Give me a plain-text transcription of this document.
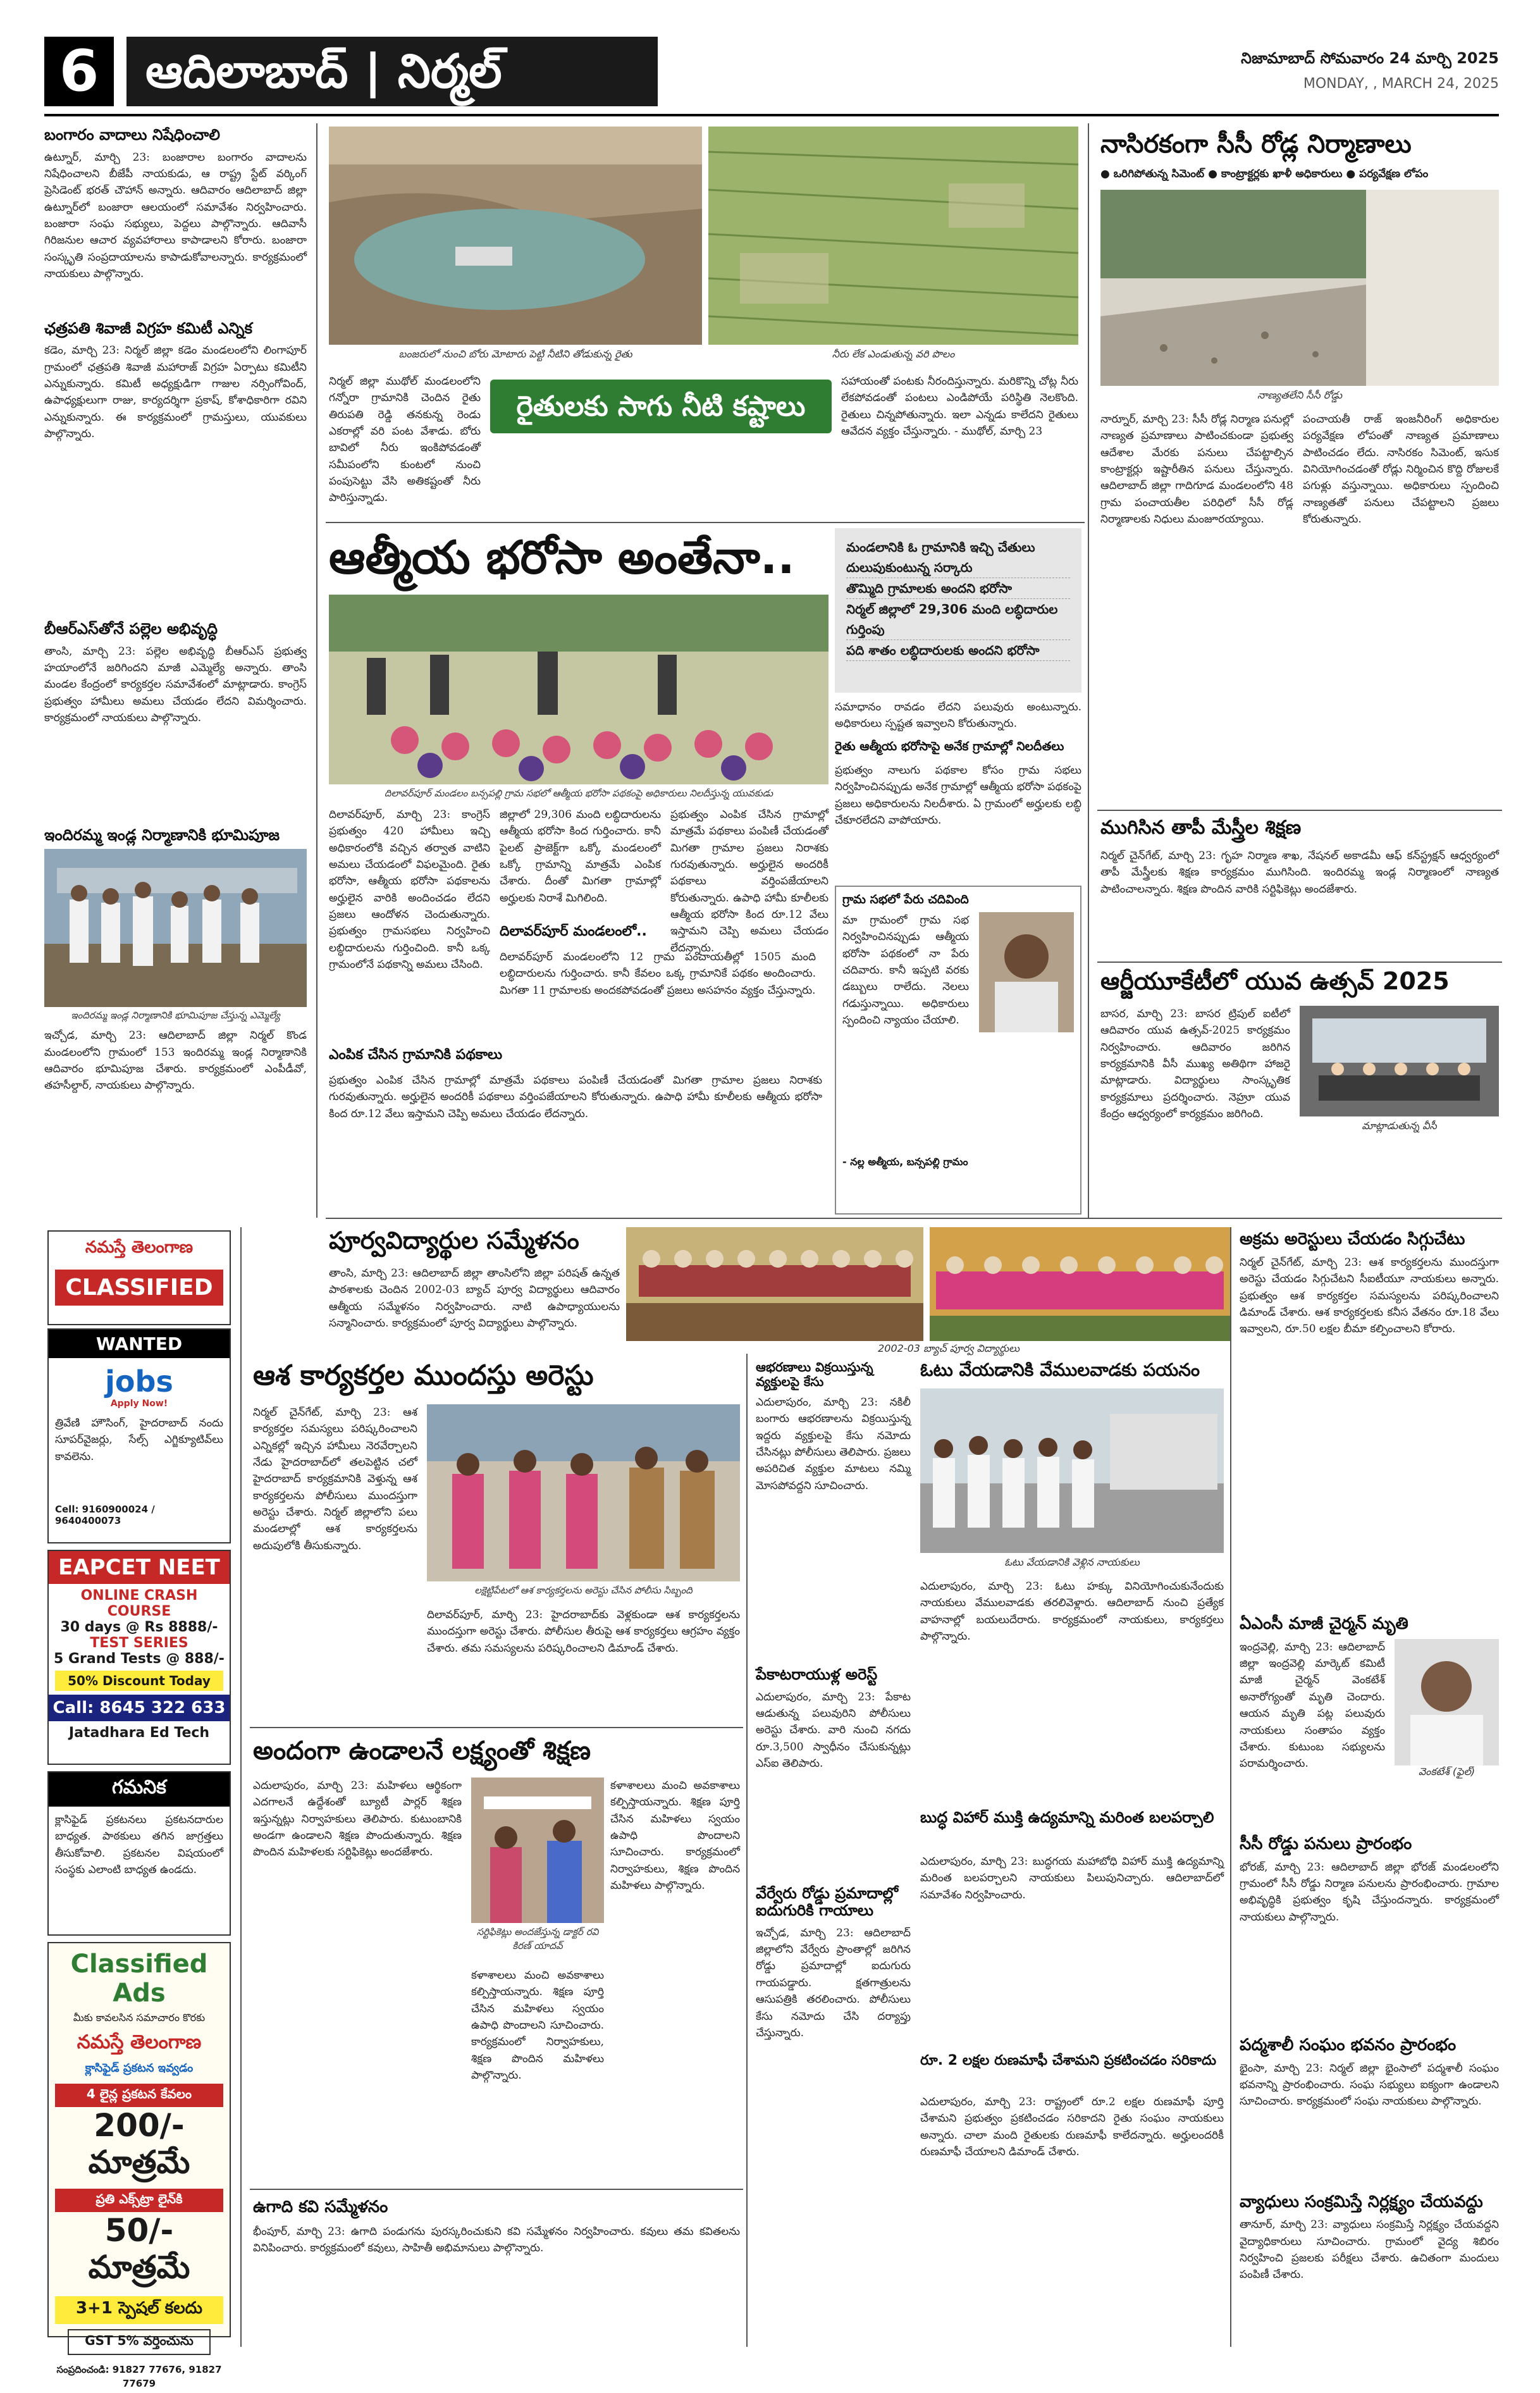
6 ఆదిలాబాద్ | నిర్మల్	నిజామాబాద్ సోమవారం 24 మార్చి 2025
MONDAY, , MARCH 24, 2025
బంగారం వాదాలు నిషేధించాలి
ఉట్నూర్, మార్చి 23: బంజారాల బంగారం వాదాలను నిషేధించాలని బీజేపీ నాయకుడు, ఆ రాష్ట్ర స్టేట్ వర్కింగ్ ప్రెసిడెంట్ భరత్ చౌహాన్ అన్నారు. ఆదివారం ఆదిలాబాద్ జిల్లా ఉట్నూర్‌లో బంజారా ఆలయంలో సమావేశం నిర్వహించారు. బంజారా సంఘ సభ్యులు, పెద్దలు పాల్గొన్నారు. ఆదివాసీ గిరిజనుల ఆచార వ్యవహారాలు కాపాడాలని కోరారు. బంజారా సంస్కృతి సంప్రదాయాలను కాపాడుకోవాలన్నారు. కార్యక్రమంలో నాయకులు పాల్గొన్నారు.
ఛత్రపతి శివాజీ విగ్రహ కమిటీ ఎన్నిక
కడెం, మార్చి 23: నిర్మల్ జిల్లా కడెం మండలంలోని లింగాపూర్ గ్రామంలో ఛత్రపతి శివాజీ మహారాజ్ విగ్రహ ఏర్పాటు కమిటీని ఎన్నుకున్నారు. కమిటీ అధ్యక్షుడిగా గాజుల నర్సింగోవింద్, ఉపాధ్యక్షులుగా రాజు, కార్యదర్శిగా ప్రకాష్, కోశాధికారిగా రవిని ఎన్నుకున్నారు. ఈ కార్యక్రమంలో గ్రామస్తులు, యువకులు పాల్గొన్నారు.
బీఆర్ఎస్‌తోనే పల్లెల అభివృద్ధి
తాంసి, మార్చి 23: పల్లెల అభివృద్ధి బీఆర్ఎస్ ప్రభుత్వ హయాంలోనే జరిగిందని మాజీ ఎమ్మెల్యే అన్నారు. తాంసి మండల కేంద్రంలో కార్యకర్తల సమావేశంలో మాట్లాడారు. కాంగ్రెస్ ప్రభుత్వం హామీలు అమలు చేయడం లేదని విమర్శించారు. కార్యక్రమంలో నాయకులు పాల్గొన్నారు.
ఇందిరమ్మ ఇండ్ల నిర్మాణానికి భూమిపూజ
ఇందిరమ్మ ఇండ్ల నిర్మాణానికి భూమిపూజ చేస్తున్న ఎమ్మెల్యే
ఇచ్చోడ, మార్చి 23: ఆదిలాబాద్ జిల్లా నిర్మల్ కొండ మండలంలోని గ్రామంలో 153 ఇందిరమ్మ ఇండ్ల నిర్మాణానికి ఆదివారం భూమిపూజ చేశారు. కార్యక్రమంలో ఎంపీడీవో, తహసీల్దార్, నాయకులు పాల్గొన్నారు.
బంజరులో నుంచి బోరు మోటారు పెట్టి నీటిని తోడుకున్న రైతు	నీరు లేక ఎండుతున్న వరి పొలం
నిర్మల్ జిల్లా ముథోల్ మండలంలోని గన్నోరా గ్రామానికి చెందిన రైతు తిరుపతి రెడ్డి తనకున్న రెండు ఎకరాల్లో వరి పంట వేశాడు. బోరు బావిలో నీరు ఇంకిపోవడంతో సమీపంలోని కుంటలో నుంచి పంపుసెట్టు వేసి అతికష్టంతో నీరు పారిస్తున్నాడు.
రైతులకు సాగు నీటి కష్టాలు
సహాయంతో పంటకు నీరందిస్తున్నారు. మరికొన్ని చోట్ల నీరు లేకపోవడంతో పంటలు ఎండిపోయే పరిస్థితి నెలకొంది. రైతులు చిన్నపోతున్నారు. ఇలా ఎన్నడు కాలేదని రైతులు ఆవేదన వ్యక్తం చేస్తున్నారు. - ముథోల్, మార్చి 23
ఆత్మీయ భరోసా అంతేనా..	మండలానికి ఓ గ్రామానికి ఇచ్చి చేతులు దులుపుకుంటున్న సర్కారు
తొమ్మిది గ్రామాలకు అందని భరోసా
నిర్మల్ జిల్లాలో 29,306 మంది లబ్ధిదారుల గుర్తింపు
పది శాతం లబ్ధిదారులకు అందని భరోసా
దిలావర్‌పూర్ మండలం బన్సపల్లి గ్రామ సభలో ఆత్మీయ భరోసా పథకంపై అధికారులు నిలదీస్తున్న యువకుడు
దిలావర్‌పూర్, మార్చి 23: కాంగ్రెస్ ప్రభుత్వం 420 హామీలు ఇచ్చి అధికారంలోకి వచ్చిన తర్వాత వాటిని అమలు చేయడంలో విఫలమైంది. రైతు భరోసా, ఆత్మీయ భరోసా పథకాలను అర్హులైన వారికి అందించడం లేదని ప్రజలు ఆందోళన చెందుతున్నారు. ప్రభుత్వం గ్రామసభలు నిర్వహించి లబ్ధిదారులను గుర్తించింది. కానీ ఒక్క గ్రామంలోనే పథకాన్ని అమలు చేసింది.
జిల్లాలో 29,306 మంది లబ్ధిదారులను ఆత్మీయ భరోసా కింద గుర్తించారు. కానీ పైలట్ ప్రాజెక్ట్‌గా ఒక్కో మండలంలో ఒక్కో గ్రామాన్ని మాత్రమే ఎంపిక చేశారు. దీంతో మిగతా గ్రామాల్లో అర్హులకు నిరాశే మిగిలింది.
దిలావర్‌పూర్ మండలంలో..
దిలావర్‌పూర్ మండలంలోని 12 గ్రామ పంచాయతీల్లో 1505 మంది లబ్ధిదారులను గుర్తించారు. కానీ కేవలం ఒక్క గ్రామానికే పథకం అందించారు. మిగతా 11 గ్రామాలకు అందకపోవడంతో ప్రజలు అసహనం వ్యక్తం చేస్తున్నారు.
ప్రభుత్వం ఎంపిక చేసిన గ్రామాల్లో మాత్రమే పథకాలు పంపిణీ చేయడంతో మిగతా గ్రామాల ప్రజలు నిరాశకు గురవుతున్నారు. అర్హులైన అందరికీ పథకాలు వర్తింపజేయాలని కోరుతున్నారు. ఉపాధి హామీ కూలీలకు ఆత్మీయ భరోసా కింద రూ.12 వేలు ఇస్తామని చెప్పి అమలు చేయడం లేదన్నారు.
ఎంపిక చేసిన గ్రామానికి పథకాలు
ప్రభుత్వం ఎంపిక చేసిన గ్రామాల్లో మాత్రమే పథకాలు పంపిణీ చేయడంతో మిగతా గ్రామాల ప్రజలు నిరాశకు గురవుతున్నారు. అర్హులైన అందరికీ పథకాలు వర్తింపజేయాలని కోరుతున్నారు. ఉపాధి హామీ కూలీలకు ఆత్మీయ భరోసా కింద రూ.12 వేలు ఇస్తామని చెప్పి అమలు చేయడం లేదన్నారు.
సమాధానం రావడం లేదని పలువురు అంటున్నారు. అధికారులు స్పష్టత ఇవ్వాలని కోరుతున్నారు.
రైతు ఆత్మీయ భరోసాపై అనేక గ్రామాల్లో నిలదీతలు
ప్రభుత్వం నాలుగు పథకాల కోసం గ్రామ సభలు నిర్వహించినప్పుడు అనేక గ్రామాల్లో ఆత్మీయ భరోసా పథకంపై ప్రజలు అధికారులను నిలదీశారు. ఏ గ్రామంలో అర్హులకు లబ్ధి చేకూరలేదని వాపోయారు.
గ్రామ సభలో పేరు చదివింది
మా గ్రామంలో గ్రామ సభ నిర్వహించినప్పుడు ఆత్మీయ భరోసా పథకంలో నా పేరు చదివారు. కానీ ఇప్పటి వరకు డబ్బులు రాలేదు. నెలలు గడుస్తున్నాయి. అధికారులు స్పందించి న్యాయం చేయాలి.
- నల్ల అత్మీయ, బన్సపల్లి గ్రామం
నాసిరకంగా సీసీ రోడ్ల నిర్మాణాలు
● ఒరిగిపోతున్న సిమెంట్ ● కాంట్రాక్టర్లకు ఖాళీ అధికారులు ● పర్యవేక్షణ లోపం
నాణ్యతలేని సీసీ రోడ్డు
నార్నూర్, మార్చి 23: సీసీ రోడ్ల నిర్మాణ పనుల్లో నాణ్యత ప్రమాణాలు పాటించకుండా ప్రభుత్వ ఆదేశాల మేరకు పనులు చేపట్టాల్సిన కాంట్రాక్టర్లు ఇష్టారీతిన పనులు చేస్తున్నారు. ఆదిలాబాద్ జిల్లా గాదిగూడ మండలంలోని 48 గ్రామ పంచాయతీల పరిధిలో సీసీ రోడ్ల నిర్మాణాలకు నిధులు మంజూరయ్యాయి.
పంచాయతీ రాజ్ ఇంజనీరింగ్ అధికారుల పర్యవేక్షణ లోపంతో నాణ్యత ప్రమాణాలు పాటించడం లేదు. నాసిరకం సిమెంట్, ఇసుక వినియోగించడంతో రోడ్లు నిర్మించిన కొద్ది రోజులకే పగుళ్లు వస్తున్నాయి. అధికారులు స్పందించి నాణ్యతతో పనులు చేపట్టాలని ప్రజలు కోరుతున్నారు.
ముగిసిన తాపీ మేస్త్రీల శిక్షణ
నిర్మల్ చైన్‌గేట్, మార్చి 23: గృహ నిర్మాణ శాఖ, నేషనల్ అకాడమీ ఆఫ్ కన్‌స్ట్రక్షన్ ఆధ్వర్యంలో తాపీ మేస్త్రీలకు శిక్షణ కార్యక్రమం ముగిసింది. ఇందిరమ్మ ఇండ్ల నిర్మాణంలో నాణ్యత పాటించాలన్నారు. శిక్షణ పొందిన వారికి సర్టిఫికెట్లు అందజేశారు.
ఆర్జీయూకేటీలో యువ ఉత్సవ్ 2025
బాసర, మార్చి 23: బాసర ట్రిపుల్ ఐటీలో ఆదివారం యువ ఉత్సవ్-2025 కార్యక్రమం నిర్వహించారు. ఆదివారం జరిగిన కార్యక్రమానికి వీసీ ముఖ్య అతిథిగా హాజరై మాట్లాడారు. విద్యార్థులు సాంస్కృతిక కార్యక్రమాలు ప్రదర్శించారు. నెహ్రూ యువ కేంద్రం ఆధ్వర్యంలో కార్యక్రమం జరిగింది.
మాట్లాడుతున్న వీసీ
పూర్వవిద్యార్థుల సమ్మేళనం
తాంసి, మార్చి 23: ఆదిలాబాద్ జిల్లా తాంసిలోని జిల్లా పరిషత్ ఉన్నత పాఠశాలకు చెందిన 2002-03 బ్యాచ్ పూర్వ విద్యార్థులు ఆదివారం ఆత్మీయ సమ్మేళనం నిర్వహించారు. నాటి ఉపాధ్యాయులను సన్మానించారు. కార్యక్రమంలో పూర్వ విద్యార్థులు పాల్గొన్నారు.
2002-03 బ్యాచ్ పూర్వ విద్యార్థులు
అక్రమ అరెస్టులు చేయడం సిగ్గుచేటు
నిర్మల్ చైన్‌గేట్, మార్చి 23: ఆశ కార్యకర్తలను ముందస్తుగా అరెస్టు చేయడం సిగ్గుచేటని సీఐటీయూ నాయకులు అన్నారు. ప్రభుత్వం ఆశ కార్యకర్తల సమస్యలను పరిష్కరించాలని డిమాండ్ చేశారు. ఆశ కార్యకర్తలకు కనీస వేతనం రూ.18 వేలు ఇవ్వాలని, రూ.50 లక్షల బీమా కల్పించాలని కోరారు.
ఏఎంసీ మాజీ చైర్మన్ మృతి
ఇంద్రవెల్లి, మార్చి 23: ఆదిలాబాద్ జిల్లా ఇంద్రవెల్లి మార్కెట్ కమిటీ మాజీ చైర్మన్ వెంకటేశ్ అనారోగ్యంతో మృతి చెందారు. ఆయన మృతి పట్ల పలువురు నాయకులు సంతాపం వ్యక్తం చేశారు. కుటుంబ సభ్యులను పరామర్శించారు.
వెంకటేశ్ (ఫైల్)
సీసీ రోడ్డు పనులు ప్రారంభం
భోరజ్, మార్చి 23: ఆదిలాబాద్ జిల్లా భోరజ్ మండలంలోని గ్రామంలో సీసీ రోడ్డు నిర్మాణ పనులను ప్రారంభించారు. గ్రామాల అభివృద్ధికి ప్రభుత్వం కృషి చేస్తుందన్నారు. కార్యక్రమంలో నాయకులు పాల్గొన్నారు.
పద్మశాలీ సంఘం భవనం ప్రారంభం
భైంసా, మార్చి 23: నిర్మల్ జిల్లా భైంసాలో పద్మశాలీ సంఘం భవనాన్ని ప్రారంభించారు. సంఘ సభ్యులు ఐక్యంగా ఉండాలని సూచించారు. కార్యక్రమంలో సంఘ నాయకులు పాల్గొన్నారు.
వ్యాధులు సంక్రమిస్తే నిర్లక్ష్యం చేయవద్దు
తానూర్, మార్చి 23: వ్యాధులు సంక్రమిస్తే నిర్లక్ష్యం చేయవద్దని వైద్యాధికారులు సూచించారు. గ్రామంలో వైద్య శిబిరం నిర్వహించి ప్రజలకు పరీక్షలు చేశారు. ఉచితంగా మందులు పంపిణీ చేశారు.
నమస్తే తెలంగాణ
CLASSIFIED
WANTED
jobs
Apply Now!
త్రివేణి హౌసింగ్, హైదరాబాద్ నందు సూపర్‌వైజర్లు, సేల్స్ ఎగ్జిక్యూటివ్‌లు కావలెను.
Cell: 9160900024 / 9640400073
EAPCET NEET
ONLINE CRASH COURSE
30 days @ Rs 8888/-
TEST SERIES
5 Grand Tests @ 888/-
50% Discount Today
Call: 8645 322 633
Jatadhara Ed Tech
గమనిక
క్లాసిఫైడ్ ప్రకటనలు ప్రకటనదారుల బాధ్యత. పాఠకులు తగిన జాగ్రత్తలు తీసుకోవాలి. ప్రకటనల విషయంలో సంస్థకు ఎలాంటి బాధ్యత ఉండదు.
Classified Ads
మీకు కావలసిన సమాచారం కొరకు
నమస్తే తెలంగాణ
క్లాసిఫైడ్ ప్రకటన ఇవ్వడం
4 లైన్ల ప్రకటన కేవలం
200/- మాత్రమే
ప్రతి ఎక్స్‌ట్రా లైన్‌కి
50/- మాత్రమే
3+1 స్పెషల్ కలదు
GST 5% వర్తించును
సంప్రదించండి: 91827 77676, 91827 77679
ఆశ కార్యకర్తల ముందస్తు అరెస్టు
నిర్మల్ చైన్‌గేట్, మార్చి 23: ఆశ కార్యకర్తల సమస్యలు పరిష్కరించాలని ఎన్నికల్లో ఇచ్చిన హామీలు నెరవేర్చాలని నేడు హైదరాబాద్‌లో తలపెట్టిన చలో హైదరాబాద్ కార్యక్రమానికి వెళ్తున్న ఆశ కార్యకర్తలను పోలీసులు ముందస్తుగా అరెస్టు చేశారు. నిర్మల్ జిల్లాలోని పలు మండలాల్లో ఆశ కార్యకర్తలను అదుపులోకి తీసుకున్నారు.
లక్షెట్టిపేటలో ఆశ కార్యకర్తలను అరెస్టు చేసిన పోలీసు సిబ్బంది
దిలావర్‌పూర్, మార్చి 23: హైదరాబాద్‌కు వెళ్లకుండా ఆశ కార్యకర్తలను ముందస్తుగా అరెస్టు చేశారు. పోలీసుల తీరుపై ఆశ కార్యకర్తలు ఆగ్రహం వ్యక్తం చేశారు. తమ సమస్యలను పరిష్కరించాలని డిమాండ్ చేశారు.
అందంగా ఉండాలనే లక్ష్యంతో శిక్షణ
ఎదులాపురం, మార్చి 23: మహిళలు ఆర్థికంగా ఎదగాలనే ఉద్దేశంతో బ్యూటీ పార్లర్ శిక్షణ ఇస్తున్నట్లు నిర్వాహకులు తెలిపారు. కుటుంబానికి అండగా ఉండాలని శిక్షణ పొందుతున్నారు. శిక్షణ పొందిన మహిళలకు సర్టిఫికెట్లు అందజేశారు.
సర్టిఫికెట్లు అందజేస్తున్న డాక్టర్ రవి కిరణ్ యాదవ్
కళాశాలలు మంచి అవకాశాలు కల్పిస్తాయన్నారు. శిక్షణ పూర్తి చేసిన మహిళలు స్వయం ఉపాధి పొందాలని సూచించారు. కార్యక్రమంలో నిర్వాహకులు, శిక్షణ పొందిన మహిళలు పాల్గొన్నారు.
కళాశాలలు మంచి అవకాశాలు కల్పిస్తాయన్నారు. శిక్షణ పూర్తి చేసిన మహిళలు స్వయం ఉపాధి పొందాలని సూచించారు. కార్యక్రమంలో నిర్వాహకులు, శిక్షణ పొందిన మహిళలు పాల్గొన్నారు.
ఉగాది కవి సమ్మేళనం
భీంపూర్, మార్చి 23: ఉగాది పండుగను పురస్కరించుకుని కవి సమ్మేళనం నిర్వహించారు. కవులు తమ కవితలను వినిపించారు. కార్యక్రమంలో కవులు, సాహితీ అభిమానులు పాల్గొన్నారు.
ఆభరణాలు విక్రయిస్తున్న వ్యక్తులపై కేసు
ఎదులాపురం, మార్చి 23: నకిలీ బంగారు ఆభరణాలను విక్రయిస్తున్న ఇద్దరు వ్యక్తులపై కేసు నమోదు చేసినట్లు పోలీసులు తెలిపారు. ప్రజలు అపరిచిత వ్యక్తుల మాటలు నమ్మి మోసపోవద్దని సూచించారు.
పేకాటరాయుళ్ల అరెస్ట్
ఎదులాపురం, మార్చి 23: పేకాట ఆడుతున్న పలువురిని పోలీసులు అరెస్టు చేశారు. వారి నుంచి నగదు రూ.3,500 స్వాధీనం చేసుకున్నట్లు ఎస్‌ఐ తెలిపారు.
వేర్వేరు రోడ్డు ప్రమాదాల్లో ఐదుగురికి గాయాలు
ఇచ్చోడ, మార్చి 23: ఆదిలాబాద్ జిల్లాలోని వేర్వేరు ప్రాంతాల్లో జరిగిన రోడ్డు ప్రమాదాల్లో ఐదుగురు గాయపడ్డారు. క్షతగాత్రులను ఆసుపత్రికి తరలించారు. పోలీసులు కేసు నమోదు చేసి దర్యాప్తు చేస్తున్నారు.
ఓటు వేయడానికి వేములవాడకు పయనం
ఓటు వేయడానికి వెళ్లిన నాయకులు
ఎదులాపురం, మార్చి 23: ఓటు హక్కు వినియోగించుకునేందుకు నాయకులు వేములవాడకు తరలివెళ్లారు. ఆదిలాబాద్ నుంచి ప్రత్యేక వాహనాల్లో బయలుదేరారు. కార్యక్రమంలో నాయకులు, కార్యకర్తలు పాల్గొన్నారు.
బుద్ధ విహార్ ముక్తి ఉద్యమాన్ని మరింత బలపర్చాలి
ఎదులాపురం, మార్చి 23: బుద్ధగయ మహాబోధి విహార్ ముక్తి ఉద్యమాన్ని మరింత బలపర్చాలని నాయకులు పిలుపునిచ్చారు. ఆదిలాబాద్‌లో సమావేశం నిర్వహించారు.
రూ. 2 లక్షల రుణమాఫీ చేశామని ప్రకటించడం సరికాదు
ఎదులాపురం, మార్చి 23: రాష్ట్రంలో రూ.2 లక్షల రుణమాఫీ పూర్తి చేశామని ప్రభుత్వం ప్రకటించడం సరికాదని రైతు సంఘం నాయకులు అన్నారు. చాలా మంది రైతులకు రుణమాఫీ కాలేదన్నారు. అర్హులందరికీ రుణమాఫీ చేయాలని డిమాండ్ చేశారు.
